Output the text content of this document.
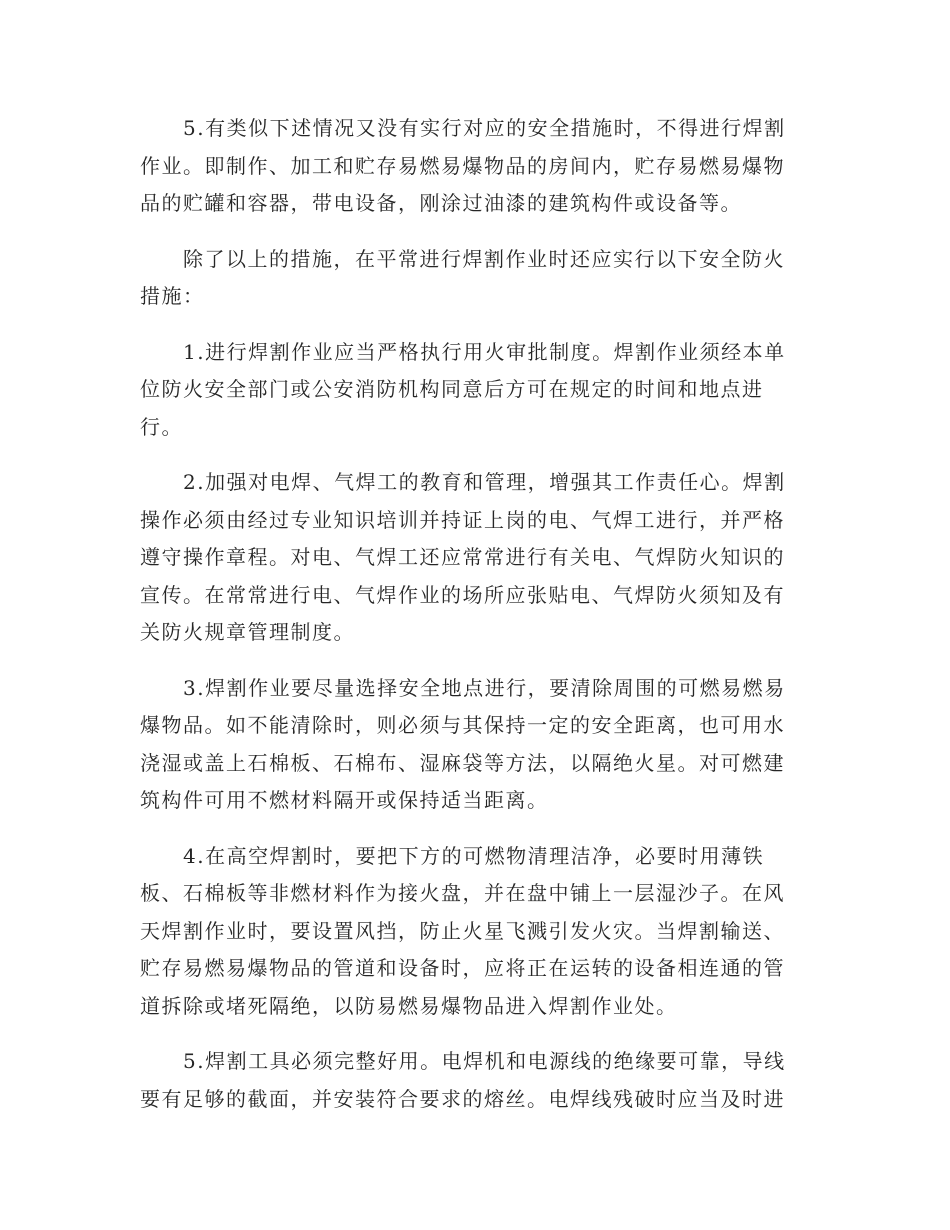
5.有类似下述情况又没有实行对应的安全措施时，不得进行焊割
作业。即制作、加工和贮存易燃易爆物品的房间内，贮存易燃易爆物
品的贮罐和容器，带电设备，刚涂过油漆的建筑构件或设备等。

除了以上的措施，在平常进行焊割作业时还应实行以下安全防火
措施：

1.进行焊割作业应当严格执行用火审批制度。焊割作业须经本单
位防火安全部门或公安消防机构同意后方可在规定的时间和地点进
行。

2.加强对电焊、气焊工的教育和管理，增强其工作责任心。焊割
操作必须由经过专业知识培训并持证上岗的电、气焊工进行，并严格
遵守操作章程。对电、气焊工还应常常进行有关电、气焊防火知识的
宣传。在常常进行电、气焊作业的场所应张贴电、气焊防火须知及有
关防火规章管理制度。

3.焊割作业要尽量选择安全地点进行，要清除周围的可燃易燃易
爆物品。如不能清除时，则必须与其保持一定的安全距离，也可用水
浇湿或盖上石棉板、石棉布、湿麻袋等方法，以隔绝火星。对可燃建
筑构件可用不燃材料隔开或保持适当距离。

4.在高空焊割时，要把下方的可燃物清理洁净，必要时用薄铁
板、石棉板等非燃材料作为接火盘，并在盘中铺上一层湿沙子。在风
天焊割作业时，要设置风挡，防止火星飞溅引发火灾。当焊割输送、
贮存易燃易爆物品的管道和设备时，应将正在运转的设备相连通的管
道拆除或堵死隔绝，以防易燃易爆物品进入焊割作业处。

5.焊割工具必须完整好用。电焊机和电源线的绝缘要可靠，导线
要有足够的截面，并安装符合要求的熔丝。电焊线残破时应当及时进
